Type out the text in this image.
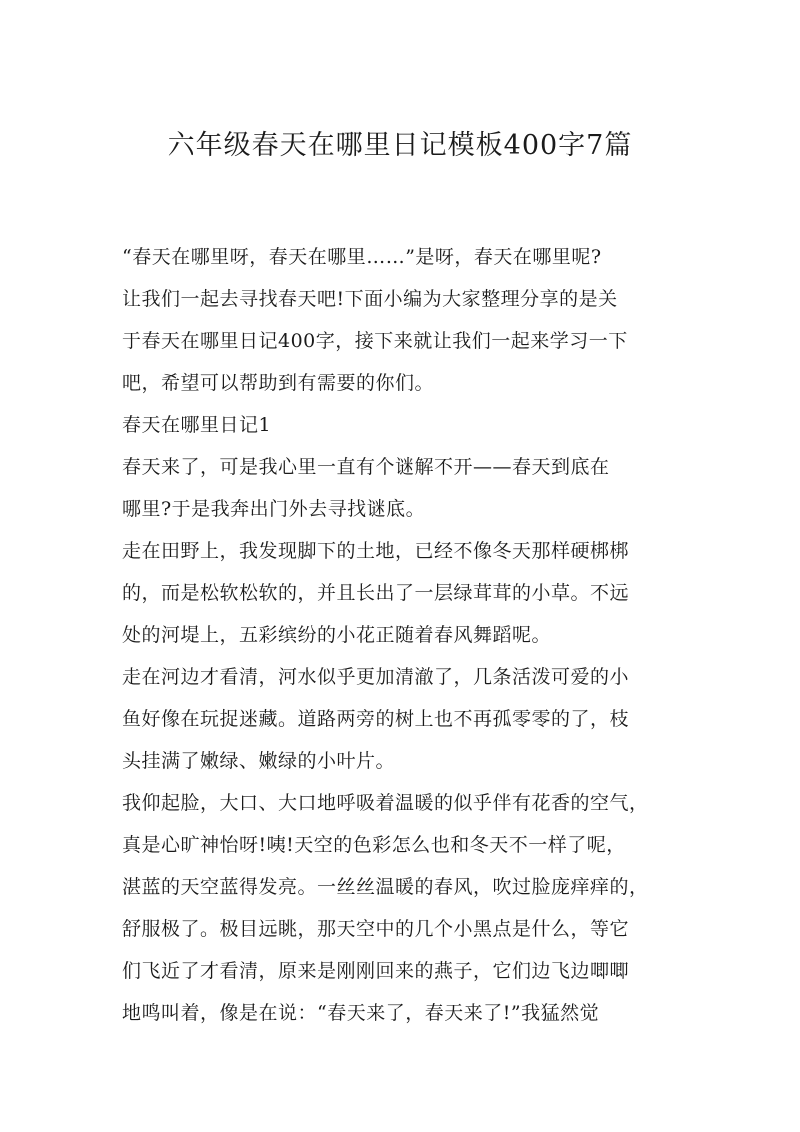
六年级春天在哪里日记模板400字7篇

“春天在哪里呀，春天在哪里……”是呀，春天在哪里呢?
让我们一起去寻找春天吧!下面小编为大家整理分享的是关
于春天在哪里日记400字，接下来就让我们一起来学习一下
吧，希望可以帮助到有需要的你们。

春天在哪里日记1

春天来了，可是我心里一直有个谜解不开——春天到底在
哪里?于是我奔出门外去寻找谜底。

走在田野上，我发现脚下的土地，已经不像冬天那样硬梆梆
的，而是松软松软的，并且长出了一层绿茸茸的小草。不远
处的河堤上，五彩缤纷的小花正随着春风舞蹈呢。

走在河边才看清，河水似乎更加清澈了，几条活泼可爱的小
鱼好像在玩捉迷藏。道路两旁的树上也不再孤零零的了，枝
头挂满了嫩绿、嫩绿的小叶片。

我仰起脸，大口、大口地呼吸着温暖的似乎伴有花香的空气，
真是心旷神怡呀!咦!天空的色彩怎么也和冬天不一样了呢，
湛蓝的天空蓝得发亮。一丝丝温暖的春风，吹过脸庞痒痒的，
舒服极了。极目远眺，那天空中的几个小黑点是什么，等它
们飞近了才看清，原来是刚刚回来的燕子，它们边飞边唧唧
地鸣叫着，像是在说：“春天来了，春天来了!”我猛然觉
